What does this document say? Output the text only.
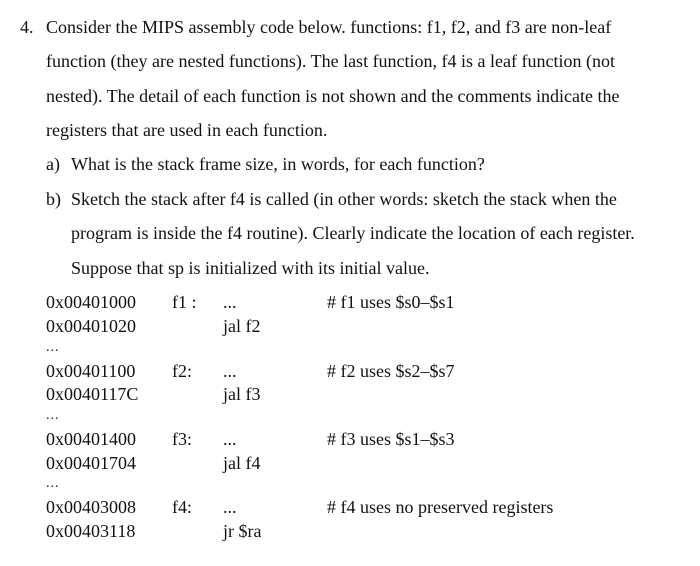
4. Consider the MIPS assembly code below. functions: f1, f2, and f3 are non-leaf
function (they are nested functions). The last function, f4 is a leaf function (not
nested). The detail of each function is not shown and the comments indicate the
registers that are used in each function.
a) What is the stack frame size, in words, for each function?
b) Sketch the stack after f4 is called (in other words: sketch the stack when the
program is inside the f4 routine). Clearly indicate the location of each register.
Suppose that sp is initialized with its initial value.
0x00401000 f1 : ...	# f1 uses $s0–$s1
0x00401020	jal f2
...
0x00401100 f2: ...	# f2 uses $s2–$s7
0x0040117C	jal f3
...
0x00401400 f3: ...	# f3 uses $s1–$s3
0x00401704	jal f4
...
0x00403008 f4: ...	# f4 uses no preserved registers
0x00403118	jr $ra
